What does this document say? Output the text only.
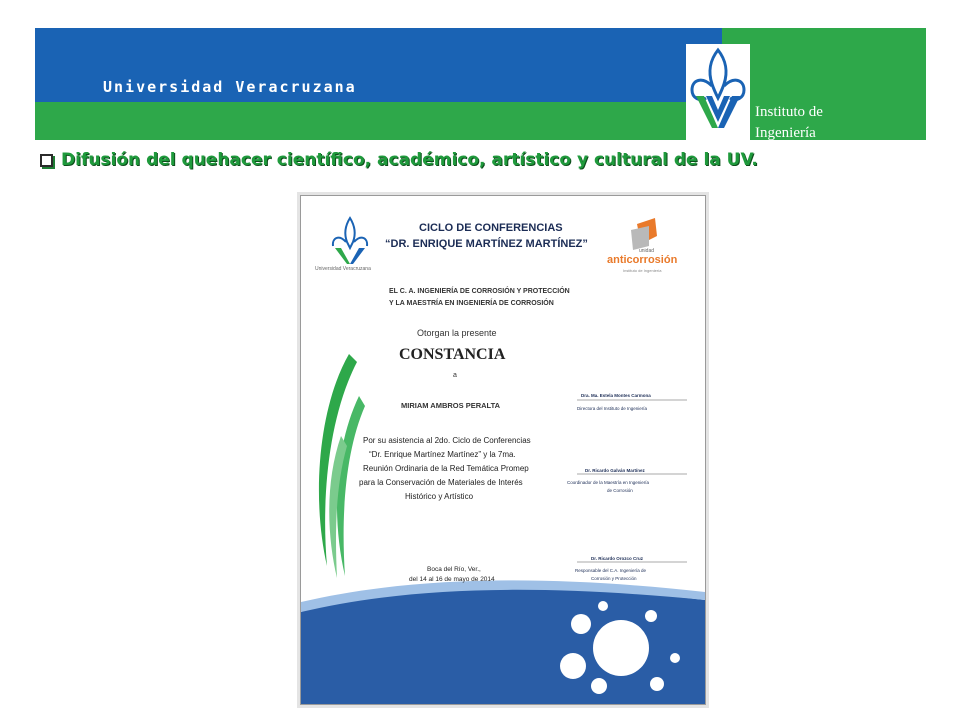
Universidad Veracruzana
Instituto de Ingeniería
Difusión del quehacer científico, académico, artístico y cultural de la UV.
CICLO DE CONFERENCIAS
“DR. ENRIQUE MARTÍNEZ MARTÍNEZ”
Universidad Veracruzana
unidad
anticorrosión
Instituto de Ingeniería
EL C. A. INGENIERÍA DE CORROSIÓN Y PROTECCIÓN
Y LA MAESTRÍA EN INGENIERÍA DE CORROSIÓN
Otorgan la presente
CONSTANCIA
a
MIRIAM AMBROS PERALTA
Por su asistencia al 2do. Ciclo de Conferencias
“Dr. Enrique Martínez Martínez” y la 7ma.
Reunión Ordinaria de la Red Temática Promep
para la Conservación de Materiales de Interés
Histórico y Artístico
Boca del Río, Ver.,
del 14 al 16 de mayo de 2014
Dra. Ma. Estela Montes Carmona
Directora del Instituto de Ingeniería
Dr. Ricardo Galván Martínez
Coordinador de la Maestría en Ingeniería
de Corrosión
Dr. Ricardo Orozco Cruz
Responsable del C.A. Ingeniería de
Corrosión y Protección
